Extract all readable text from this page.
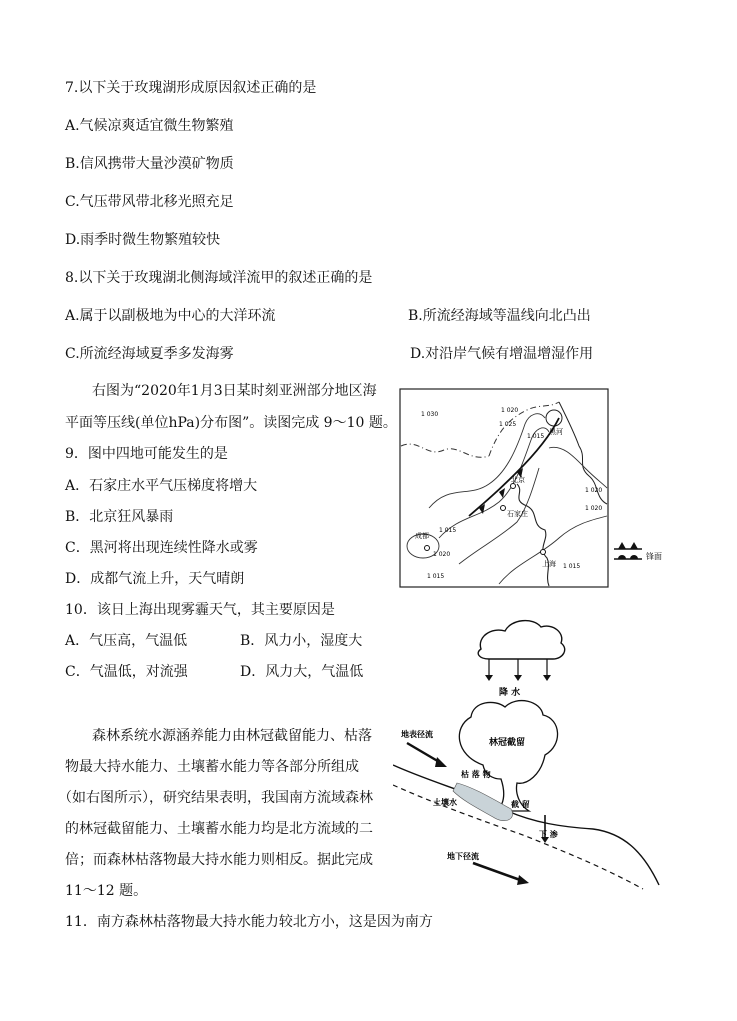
7.以下关于玫瑰湖形成原因叙述正确的是
A.气候凉爽适宜微生物繁殖
B.信风携带大量沙漠矿物质
C.气压带风带北移光照充足
D.雨季时微生物繁殖较快
8.以下关于玫瑰湖北侧海域洋流甲的叙述正确的是
A.属于以副极地为中心的大洋环流	B.所流经海域等温线向北凸出
C.所流经海域夏季多发海雾	D.对沿岸气候有增温增湿作用
右图为“2020年1月3日某时刻亚洲部分地区海
平面等压线(单位hPa)分布图”。读图完成 9～10 题。
9．图中四地可能发生的是
A．石家庄水平气压梯度将增大
B．北京狂风暴雨
C．黑河将出现连续性降水或雾
D．成都气流上升，天气晴朗
10．该日上海出现雾霾天气，其主要原因是
A．气压高，气温低	B．风力小，湿度大
C．气温低，对流强	D．风力大，气温低
森林系统水源涵养能力由林冠截留能力、枯落
物最大持水能力、土壤蓄水能力等各部分所组成
（如右图所示），研究结果表明，我国南方流域森林
的林冠截留能力、土壤蓄水能力均是北方流域的二
倍；而森林枯落物最大持水能力则相反。据此完成
11～12 题。
11．南方森林枯落物最大持水能力较北方小，这是因为南方
黑河
北京
石家庄
成都
上海
1 030
1 020
1 025
1 015
1 020
1 020
1 015
1 020
1 015
1 015
锋面
降 水
林冠截留
地表径流
枯 落 物
土壤水	截 留
下 渗
地下径流
